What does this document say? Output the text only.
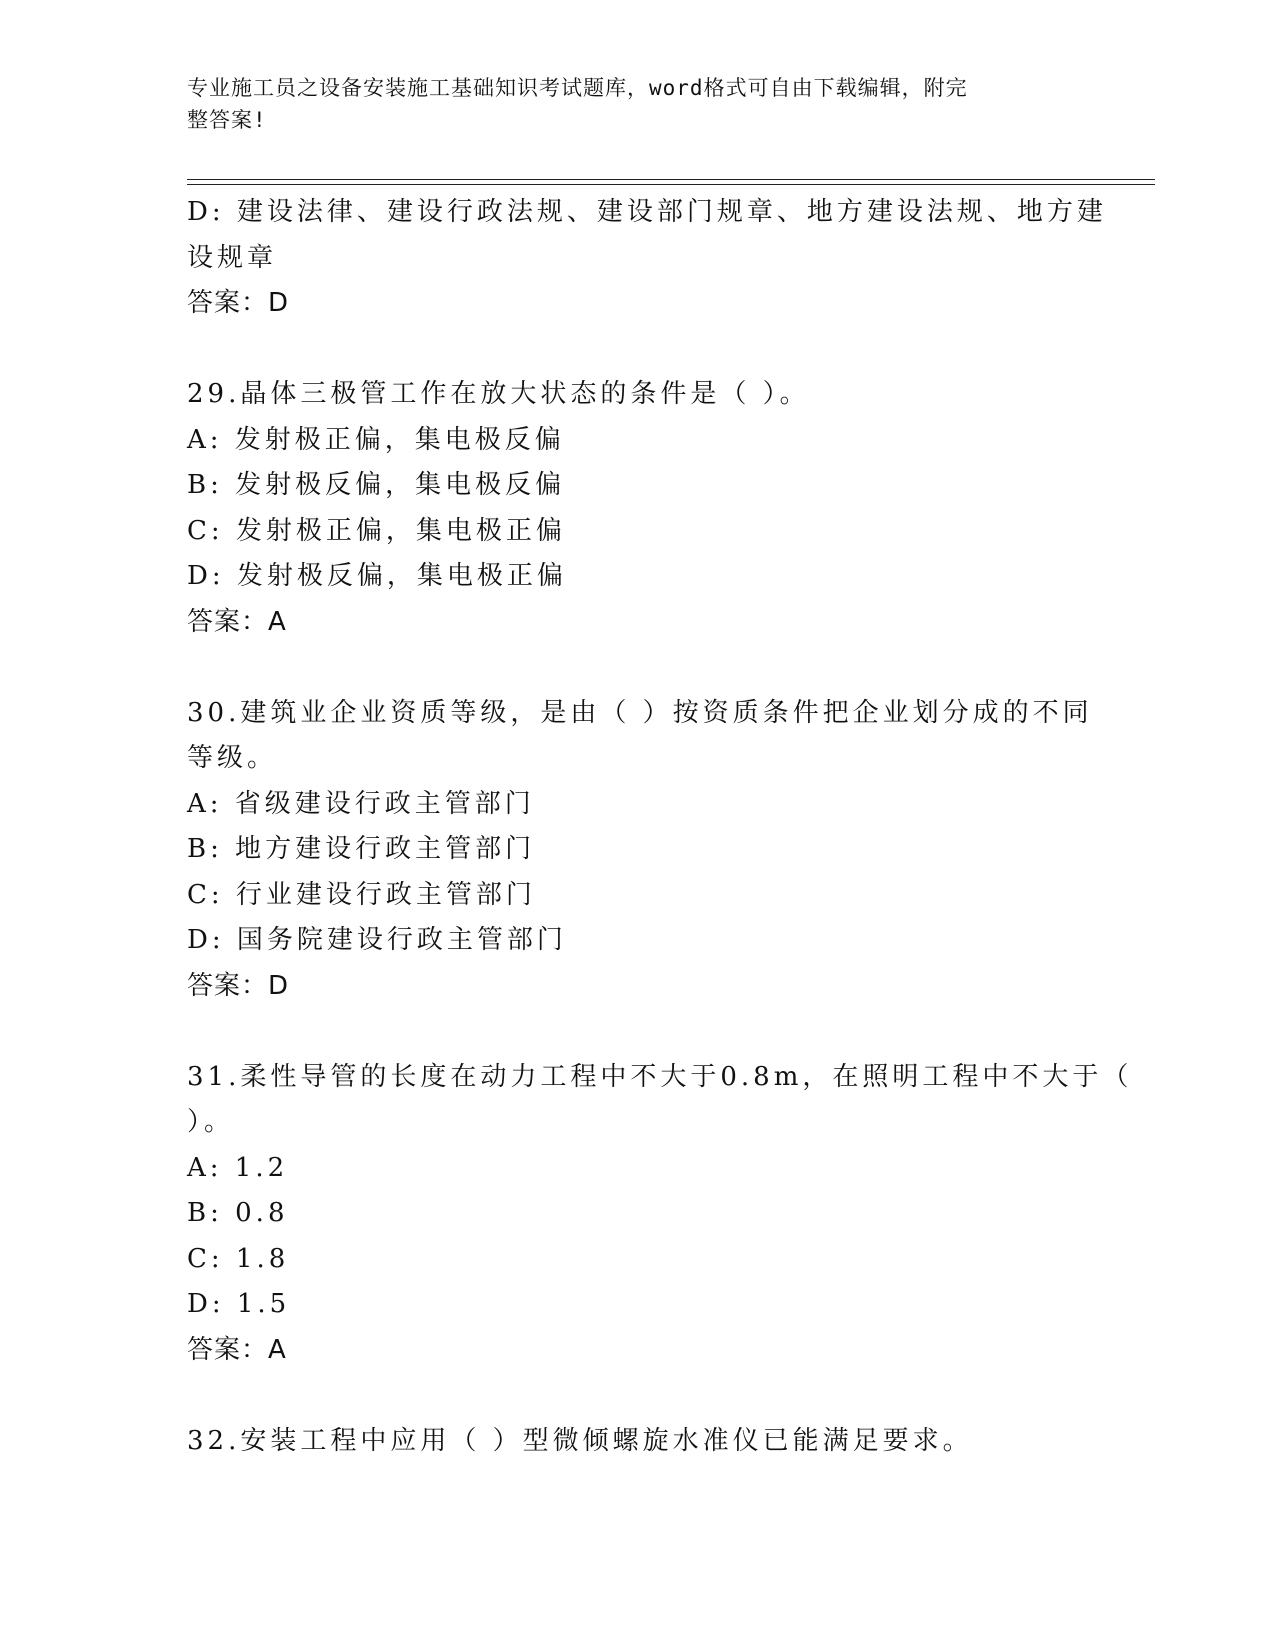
专业施工员之设备安装施工基础知识考试题库，word格式可自由下载编辑，附完
整答案!
D: 建设法律、建设行政法规、建设部门规章、地方建设法规、地方建
设规章
答案：D
29.晶体三极管工作在放大状态的条件是（ ）。
A: 发射极正偏，集电极反偏
B: 发射极反偏，集电极反偏
C: 发射极正偏，集电极正偏
D: 发射极反偏，集电极正偏
答案：A
30.建筑业企业资质等级，是由（ ）按资质条件把企业划分成的不同
等级。
A: 省级建设行政主管部门
B: 地方建设行政主管部门
C: 行业建设行政主管部门
D: 国务院建设行政主管部门
答案：D
31.柔性导管的长度在动力工程中不大于0.8m，在照明工程中不大于（
）。
A: 1.2
B: 0.8
C: 1.8
D: 1.5
答案：A
32.安装工程中应用（ ）型微倾螺旋水准仪已能满足要求。
